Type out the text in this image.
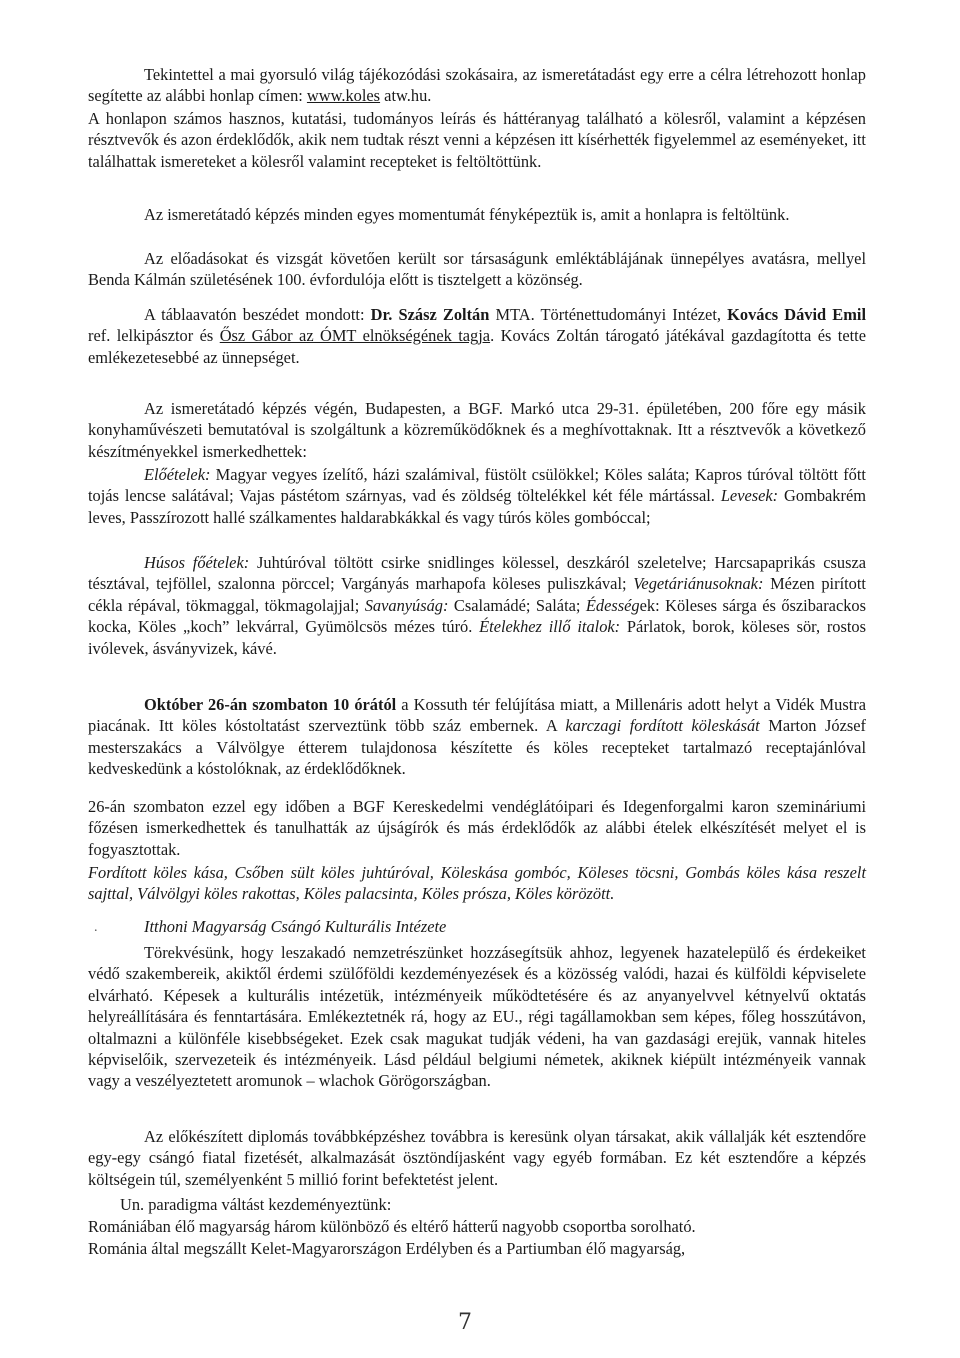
Tekintettel a mai gyorsuló világ tájékozódási szokásaira, az ismeretátadást egy erre a célra létrehozott honlap segítette az alábbi honlap címen: www.koles atw.hu.

A honlapon számos hasznos, kutatási, tudományos leírás és háttéranyag található a kölesről, valamint a képzésen résztvevők és azon érdeklődők, akik nem tudtak részt venni a képzésen itt kísérhették figyelemmel az eseményeket, itt találhattak ismereteket a kölesről valamint recepteket is feltöltöttünk.

Az ismeretátadó képzés minden egyes momentumát fényképeztük is, amit a honlapra is feltöltünk.

Az előadásokat és vizsgát követően került sor társaságunk emléktáblájának ünnepélyes avatásra, mellyel Benda Kálmán születésének 100. évfordulója előtt is tisztelgett a közönség.

A táblaavatón beszédet mondott: Dr. Szász Zoltán MTA. Történettudományi Intézet, Kovács Dávid Emil ref. lelkipásztor és Ősz Gábor az ÓMT elnökségének tagja. Kovács Zoltán tárogató játékával gazdagította és tette emlékezetesebbé az ünnepséget.

Az ismeretátadó képzés végén, Budapesten, a BGF. Markó utca 29-31. épületében, 200 főre egy másik konyhaművészeti bemutatóval is szolgáltunk a közreműködőknek és a meghívottaknak. Itt a résztvevők a következő készítményekkel ismerkedhettek:

Előételek: Magyar vegyes ízelítő, házi szalámival, füstölt csülökkel; Köles saláta; Kapros túróval töltött főtt tojás lencse salátával; Vajas pástétom szárnyas, vad és zöldség töltelékkel két féle mártással. Levesek: Gombakrém leves, Passzírozott hallé szálkamentes haldarabkákkal és vagy túrós köles gombóccal;

Húsos főételek: Juhtúróval töltött csirke snidlinges kölessel, deszkáról szeletelve; Harcsapaprikás csusza tésztával, tejföllel, szalonna pörccel; Vargányás marhapofa köleses puliszkával; Vegetáriánusoknak: Mézen pirított cékla répával, tökmaggal, tökmagolajjal; Savanyúság: Csalamádé; Saláta; Édességek: Köleses sárga és őszibarackos kocka, Köles „koch” lekvárral, Gyümölcsös mézes túró. Ételekhez illő italok: Párlatok, borok, köleses sör, rostos ivólevek, ásványvizek, kávé.

Október 26-án szombaton 10 órától a Kossuth tér felújítása miatt, a Millenáris adott helyt a Vidék Mustra piacának. Itt köles kóstoltatást szerveztünk több száz embernek. A karczagi fordított köleskását Marton József mesterszakács a Válvölgye étterem tulajdonosa készítette és köles recepteket tartalmazó receptajánlóval kedveskedünk a kóstolóknak, az érdeklődőknek.

26-án szombaton ezzel egy időben a BGF Kereskedelmi vendéglátóipari és Idegenforgalmi karon szemináriumi főzésen ismerkedhettek és tanulhatták az újságírók és más érdeklődők az alábbi ételek elkészítését melyet el is fogyasztottak.

Fordított köles kása, Csőben sült köles juhtúróval, Köleskása gombóc, Köleses töcsni, Gombás köles kása reszelt sajttal, Válvölgyi köles rakottas, Köles palacsinta, Köles prósza, Köles körözött.

.	Itthoni Magyarság Csángó Kulturális Intézete

Törekvésünk, hogy leszakadó nemzetrészünket hozzásegítsük ahhoz, legyenek hazatelepülő és érdekeiket védő szakembereik, akiktől érdemi szülőföldi kezdeményezések és a közösség valódi, hazai és külföldi képviselete elvárható. Képesek a kulturális intézetük, intézményeik működtetésére és az anyanyelvvel kétnyelvű oktatás helyreállítására és fenntartására. Emlékeztetnék rá, hogy az EU., régi tagállamokban sem képes, főleg hosszútávon, oltalmazni a különféle kisebbségeket. Ezek csak magukat tudják védeni, ha van gazdasági erejük, vannak hiteles képviselőik, szervezeteik és intézményeik. Lásd például belgiumi németek, akiknek kiépült intézményeik vannak vagy a veszélyeztetett aromunok – wlachok Görögországban.

Az előkészített diplomás továbbképzéshez továbbra is keresünk olyan társakat, akik vállalják két esztendőre egy-egy csángó fiatal fizetését, alkalmazását ösztöndíjasként vagy egyéb formában. Ez két esztendőre a képzés költségein túl, személyenként 5 millió forint befektetést jelent.

Un. paradigma váltást kezdeményeztünk:

Romániában élő magyarság három különböző és eltérő hátterű nagyobb csoportba sorolható.

Románia által megszállt Kelet-Magyarországon Erdélyben és a Partiumban élő magyarság,

7
